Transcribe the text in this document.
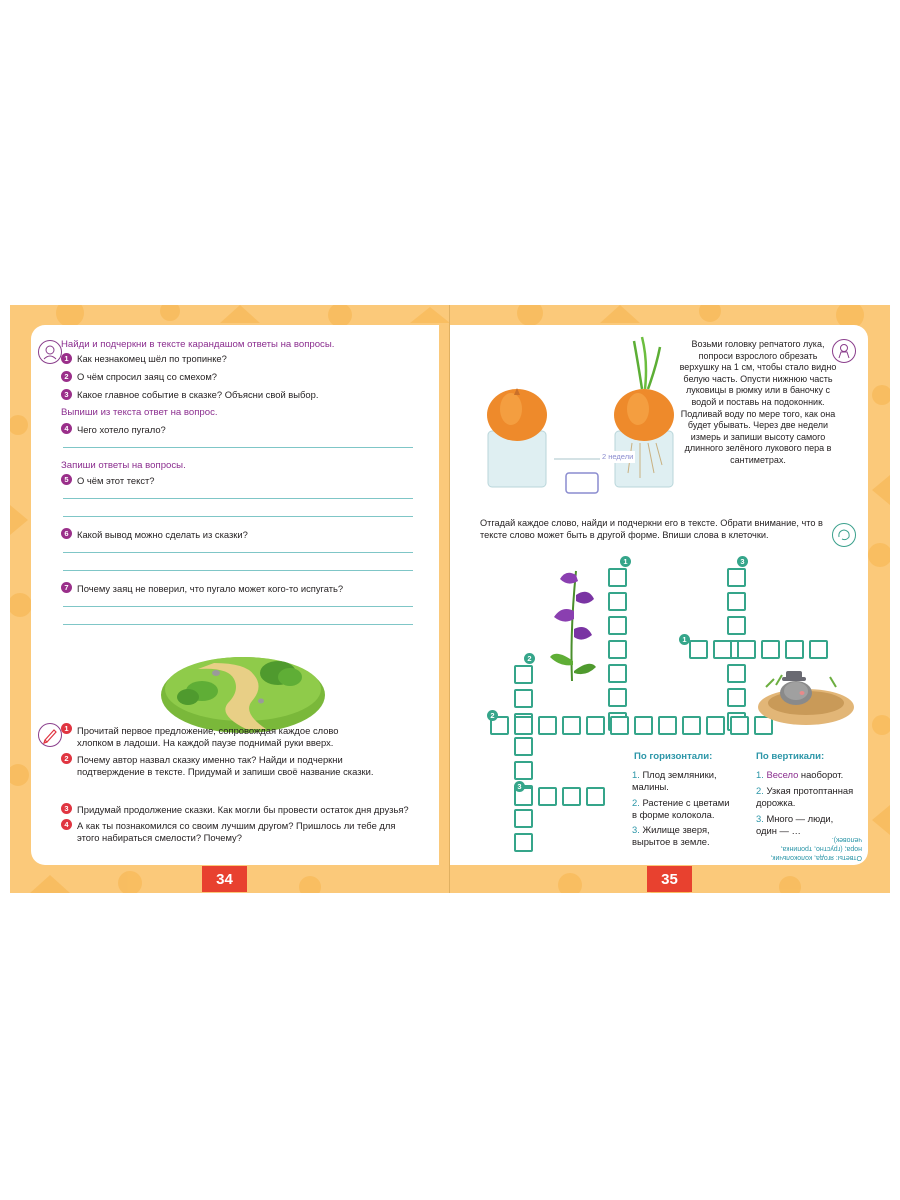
Найди и подчеркни в тексте карандашом ответы на вопросы.
1 Как незнакомец шёл по тропинке?
2 О чём спросил заяц со смехом?
3 Какое главное событие в сказке? Объясни свой выбор.
Выпиши из текста ответ на вопрос.
4 Чего хотело пугало?
Запиши ответы на вопросы.
5 О чём этот текст?
6 Какой вывод можно сделать из сказки?
7 Почему заяц не поверил, что пугало может кого-то испугать?
1 Прочитай первое предложение, сопровождая каждое слово хлопком в ладоши. На каждой паузе поднимай руки вверх.
2 Почему автор назвал сказку именно так? Найди и подчеркни подтверждение в тексте. Придумай и запиши своё название сказки.
3 Придумай продолжение сказки. Как могли бы провести остаток дня друзья?
4 А как ты познакомился со своим лучшим другом? Пришлось ли тебе для этого набираться смелости? Почему?
2 недели
Возьми головку репчатого лука, попроси взрослого обрезать верхушку на 1 см, чтобы стало видно белую часть. Опусти нижнюю часть луковицы в рюмку или в баночку с водой и поставь на подоконник. Подливай воду по мере того, как она будет убывать. Через две недели измерь и запиши высоту самого длинного зелёного лукового пера в сантиметрах.
Отгадай каждое слово, найди и подчеркни его в тексте. Обрати внимание, что в тексте слово может быть в другой форме. Впиши слова в клеточки.
1	3
1
2
2
3
По горизонтали:
1. Плод земляники, малины.
2. Растение с цветами в форме колокола.
3. Жилище зверя, вырытое в земле.
По вертикали:
1. Весело наоборот.
2. Узкая протоптанная дорожка.
3. Много — люди, один — …
Ответы: ягода, колокольчик, нора; (грустно, тропинка, человек).
34	35
